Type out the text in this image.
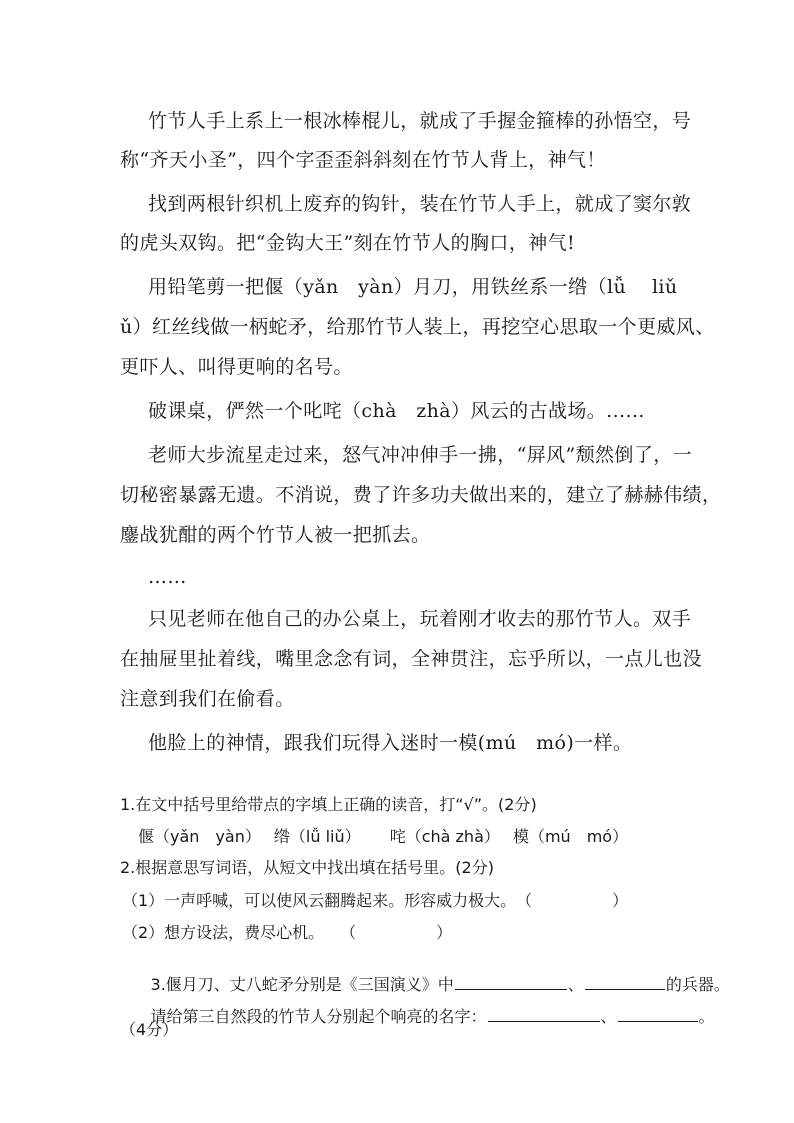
竹节人手上系上一根冰棒棍儿，就成了手握金箍棒的孙悟空，号
称“齐天小圣”，四个字歪歪斜斜刻在竹节人背上，神气！
找到两根针织机上废弃的钩针，装在竹节人手上，就成了窦尔敦
的虎头双钩。把“金钩大王”刻在竹节人的胸口，神气!
用铅笔剪一把偃（yǎn　yàn）月刀，用铁丝系一绺（lǚ　 liǔ
ǔ）红丝线做一柄蛇矛，给那竹节人装上，再挖空心思取一个更威风、
更吓人、叫得更响的名号。
破课桌，俨然一个叱咤（chà　zhà）风云的古战场。......
老师大步流星走过来，怒气冲冲伸手一拂，“屏风”颓然倒了，一
切秘密暴露无遗。不消说，费了许多功夫做出来的，建立了赫赫伟绩，
鏖战犹酣的两个竹节人被一把抓去。
……
只见老师在他自己的办公桌上，玩着刚才收去的那竹节人。双手
在抽屉里扯着线，嘴里念念有词，全神贯注，忘乎所以，一点儿也没
注意到我们在偷看。
他脸上的神情，跟我们玩得入迷时一模(mú　mó)一样。
1.在文中括号里给带点的字填上正确的读音，打“√”。(2分)
偃（yǎn　yàn）　 绺（lǚ liǔ）　　 咤（chà zhà）　 模（mú　mó）
2.根据意思写词语，从短文中找出填在括号里。(2分)
（1）一声呼喊，可以使风云翻腾起来。形容威力极大。　（　　　　　）
（2）想方设法，费尽心机。　　（　　　　　）

3.偃月刀、丈八蛇矛分别是《三国演义》中	、	的兵器。

请给第三自然段的竹节人分别起个响亮的名字：	、	。

（4分）
